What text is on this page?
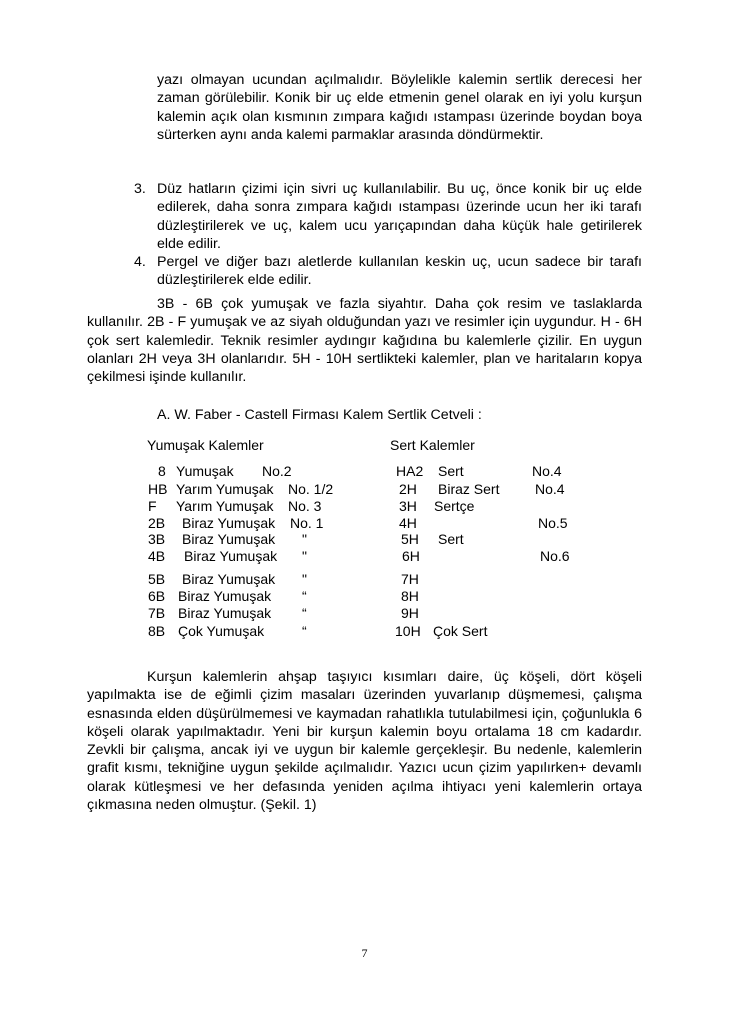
yazı olmayan ucundan açılmalıdır. Böylelikle kalemin sertlik derecesi her zaman görülebilir. Konik bir uç elde etmenin genel olarak en iyi yolu kurşun kalemin açık olan kısmının zımpara kağıdı ıstampası üzerinde boydan boya sürterken aynı anda kalemi parmaklar arasında döndürmektir.

3. Düz hatların çizimi için sivri uç kullanılabilir. Bu uç, önce konik bir uç elde edilerek, daha sonra zımpara kağıdı ıstampası üzerinde ucun her iki tarafı düzleştirilerek ve uç, kalem ucu yarıçapından daha küçük hale getirilerek elde edilir.

4. Pergel ve diğer bazı aletlerde kullanılan keskin uç, ucun sadece bir tarafı düzleştirilerek elde edilir.

3B - 6B çok yumuşak ve fazla siyahtır. Daha çok resim ve taslaklarda kullanılır. 2B - F yumuşak ve az siyah olduğundan yazı ve resimler için uygundur. H - 6H çok sert kalemledir. Teknik resimler aydıngır kağıdına bu kalemlerle çizilir. En uygun olanları 2H veya 3H olanlarıdır. 5H - 10H sertlikteki kalemler, plan ve haritaların kopya çekilmesi işinde kullanılır.

A. W. Faber - Castell Firması Kalem Sertlik Cetveli :
Yumuşak Kalemler	Sert Kalemler
8 Yumuşak No.2	HA2 Sert	No.4
HB Yarım Yumuşak No. 1/2	2H Biraz Sert	No.4
F Yarım Yumuşak No. 3	3H Sertçe
2B Biraz Yumuşak No. 1	4H	No.5
3B Biraz Yumuşak "	5H Sert
4B Biraz Yumuşak "	6H	No.6
5B Biraz Yumuşak "	7H
6B Biraz Yumuşak “	8H
7B Biraz Yumuşak “	9H
8B Çok Yumuşak	“	10H Çok Sert

Kurşun kalemlerin ahşap taşıyıcı kısımları daire, üç köşeli, dört köşeli yapılmakta ise de eğimli çizim masaları üzerinden yuvarlanıp düşmemesi, çalışma esnasında elden düşürülmemesi ve kaymadan rahatlıkla tutulabilmesi için, çoğunlukla 6 köşeli olarak yapılmaktadır. Yeni bir kurşun kalemin boyu ortalama 18 cm kadardır. Zevkli bir çalışma, ancak iyi ve uygun bir kalemle gerçekleşir. Bu nedenle, kalemlerin grafit kısmı, tekniğine uygun şekilde açılmalıdır. Yazıcı ucun çizim yapılırken+ devamlı olarak kütleşmesi ve her defasında yeniden açılma ihtiyacı yeni kalemlerin ortaya çıkmasına neden olmuştur. (Şekil. 1)

7
